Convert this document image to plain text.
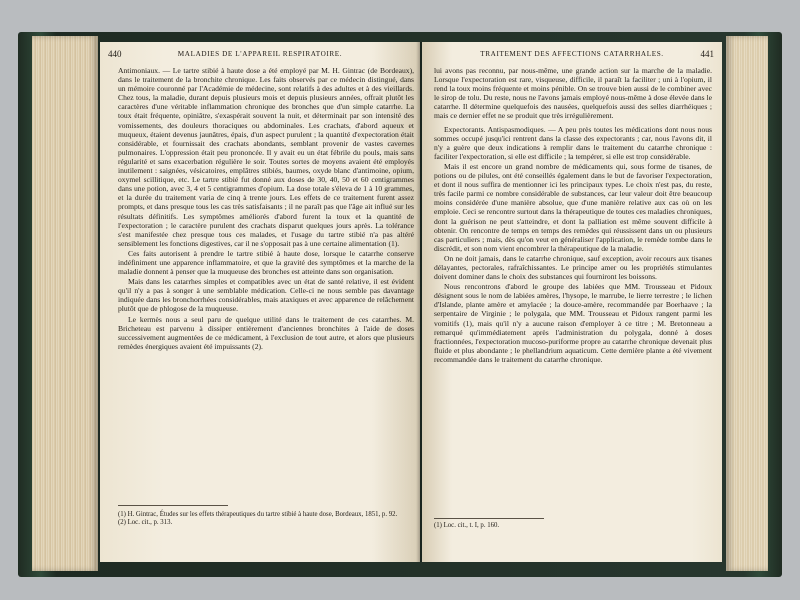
440	MALADIES DE L'APPAREIL RESPIRATOIRE.

Antimoniaux. — Le tartre stibié à haute dose a été employé par M. H. Gintrac (de Bordeaux), dans le traitement de la bronchite chronique. Les faits observés par ce médecin distingué, dans un mémoire couronné par l'Académie de médecine, sont relatifs à des adultes et à des vieillards. Chez tous, la maladie, durant depuis plusieurs mois et depuis plusieurs années, offrait plutôt les caractères d'une véritable inflammation chronique des bronches que d'un simple catarrhe. La toux était fréquente, opiniâtre, s'exaspérait souvent la nuit, et déterminait par son intensité des vomissements, des douleurs thoraciques ou abdominales. Les crachats, d'abord aqueux et muqueux, étaient devenus jaunâtres, épais, d'un aspect purulent ; la quantité d'expectoration était considérable, et fournissait des crachats abondants, semblant provenir de vastes cavernes pulmonaires. L'oppression était peu prononcée. Il y avait eu un état fébrile du pouls, mais sans régularité et sans exacerbation régulière le soir. Toutes sortes de moyens avaient été employés inutilement : saignées, vésicatoires, emplâtres stibiés, baumes, oxyde blanc d'antimoine, opium, oxymel scillitique, etc. Le tartre stibié fut donné aux doses de 30, 40, 50 et 60 centigrammes dans une potion, avec 3, 4 et 5 centigrammes d'opium. La dose totale s'éleva de 1 à 10 grammes, et la durée du traitement varia de cinq à trente jours. Les effets de ce traitement furent assez prompts, et dans presque tous les cas très satisfaisants ; il ne paraît pas que l'âge ait influé sur les résultats définitifs. Les symptômes améliorés d'abord furent la toux et la quantité de l'expectoration ; le caractère purulent des crachats disparut quelques jours après. La tolérance s'est manifestée chez presque tous ces malades, et l'usage du tartre stibié n'a pas altéré sensiblement les fonctions digestives, car il ne s'opposait pas à une certaine alimentation (1).

Ces faits autorisent à prendre le tartre stibié à haute dose, lorsque le catarrhe conserve indéfiniment une apparence inflammatoire, et que la gravité des symptômes et la marche de la maladie donnent à penser que la muqueuse des bronches est atteinte dans son organisation.

Mais dans les catarrhes simples et compatibles avec un état de santé relative, il est évident qu'il n'y a pas à songer à une semblable médication. Celle-ci ne nous semble pas davantage indiquée dans les bronchorrhées considérables, mais ataxiques et avec apparence de relâchement plutôt que de phlogose de la muqueuse.

Le kermès nous a seul paru de quelque utilité dans le traitement de ces catarrhes. M. Bricheteau est parvenu à dissiper entièrement d'anciennes bronchites à l'aide de doses successivement augmentées de ce médicament, à l'exclusion de tout autre, et alors que plusieurs remèdes énergiques avaient été impuissants (2).

(1) H. Gintrac, Études sur les effets thérapeutiques du tartre stibié à haute dose, Bordeaux, 1851, p. 92.

(2) Loc. cit., p. 313.

TRAITEMENT DES AFFECTIONS CATARRHALES.	441

lui avons pas reconnu, par nous-même, une grande action sur la marche de la maladie. Lorsque l'expectoration est rare, visqueuse, difficile, il paraît la faciliter ; uni à l'opium, il rend la toux moins fréquente et moins pénible. On se trouve bien aussi de le combiner avec le sirop de tolu. Du reste, nous ne l'avons jamais employé nous-même à dose élevée dans le catarrhe. Il détermine quelquefois des nausées, quelquefois aussi des selles diarrhéiques ; mais ce dernier effet ne se produit que très irrégulièrement.

Expectorants. Antispasmodiques. — A peu près toutes les médications dont nous nous sommes occupé jusqu'ici rentrent dans la classe des expectorants ; car, nous l'avons dit, il n'y a guère que deux indications à remplir dans le traitement du catarrhe chronique : faciliter l'expectoration, si elle est difficile ; la tempérer, si elle est trop considérable.

Mais il est encore un grand nombre de médicaments qui, sous forme de tisanes, de potions ou de pilules, ont été conseillés également dans le but de favoriser l'expectoration, et dont il nous suffira de mentionner ici les principaux types. Le choix n'est pas, du reste, très facile parmi ce nombre considérable de substances, car leur valeur doit être beaucoup moins considérée d'une manière absolue, que d'une manière relative aux cas où on les emploie. Ceci se rencontre surtout dans la thérapeutique de toutes ces maladies chroniques, dont la guérison ne peut s'atteindre, et dont la palliation est même souvent difficile à obtenir. On rencontre de temps en temps des remèdes qui réussissent dans un ou plusieurs cas particuliers ; mais, dès qu'on veut en généraliser l'application, le remède tombe dans le discrédit, et son nom vient encombrer la thérapeutique de la maladie.

On ne doit jamais, dans le catarrhe chronique, sauf exception, avoir recours aux tisanes délayantes, pectorales, rafraîchissantes. Le principe amer ou les propriétés stimulantes doivent dominer dans le choix des substances qui fourniront les boissons.

Nous rencontrons d'abord le groupe des labiées que MM. Trousseau et Pidoux désignent sous le nom de labiées amères, l'hysope, le marrube, le lierre terrestre ; le lichen d'Islande, plante amère et amylacée ; la douce-amère, recommandée par Boerhaave ; la serpentaire de Virginie ; le polygala, que MM. Trousseau et Pidoux rangent parmi les vomitifs (1), mais qu'il n'y a aucune raison d'employer à ce titre ; M. Bretonneau a remarqué qu'immédiatement après l'administration du polygala, donné à doses fractionnées, l'expectoration mucoso-puriforme propre au catarrhe chronique devenait plus fluide et plus abondante ; le phellandrium aquaticum. Cette dernière plante a été vivement recommandée dans le traitement du catarrhe chronique.

(1) Loc. cit., t. I, p. 160.
